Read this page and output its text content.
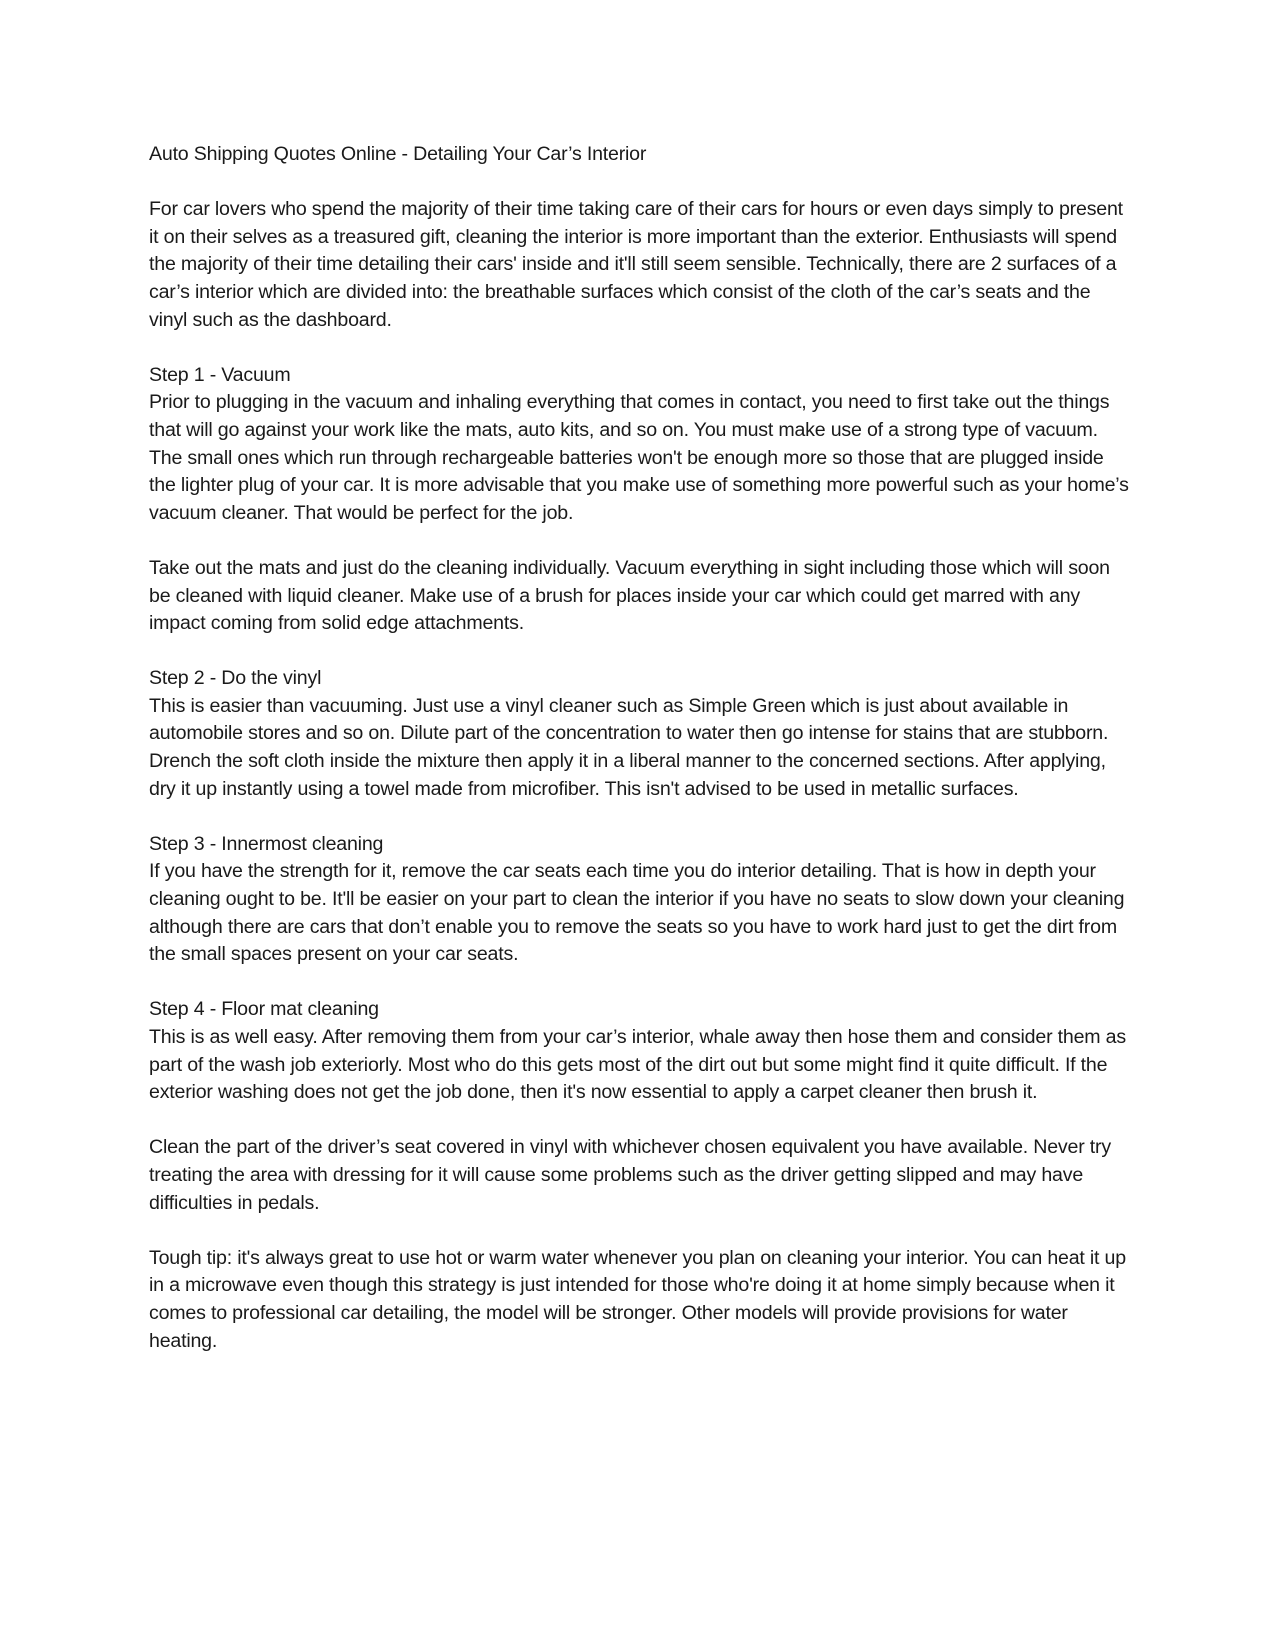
Auto Shipping Quotes Online - Detailing Your Car’s Interior

For car lovers who spend the majority of their time taking care of their cars for hours or even days simply to present it on their selves as a treasured gift, cleaning the interior is more important than the exterior. Enthusiasts will spend the majority of their time detailing their cars' inside and it'll still seem sensible. Technically, there are 2 surfaces of a car’s interior which are divided into: the breathable surfaces which consist of the cloth of the car’s seats and the vinyl such as the dashboard.

Step 1 - Vacuum
Prior to plugging in the vacuum and inhaling everything that comes in contact, you need to first take out the things that will go against your work like the mats, auto kits, and so on. You must make use of a strong type of vacuum. The small ones which run through rechargeable batteries won't be enough more so those that are plugged inside the lighter plug of your car. It is more advisable that you make use of something more powerful such as your home’s vacuum cleaner. That would be perfect for the job.

Take out the mats and just do the cleaning individually. Vacuum everything in sight including those which will soon be cleaned with liquid cleaner. Make use of a brush for places inside your car which could get marred with any impact coming from solid edge attachments.

Step 2 - Do the vinyl
This is easier than vacuuming. Just use a vinyl cleaner such as Simple Green which is just about available in automobile stores and so on. Dilute part of the concentration to water then go intense for stains that are stubborn. Drench the soft cloth inside the mixture then apply it in a liberal manner to the concerned sections. After applying, dry it up instantly using a towel made from microfiber. This isn't advised to be used in metallic surfaces.
Step 3 - Innermost cleaning
If you have the strength for it, remove the car seats each time you do interior detailing. That is how in depth your cleaning ought to be. It'll be easier on your part to clean the interior if you have no seats to slow down your cleaning although there are cars that don’t enable you to remove the seats so you have to work hard just to get the dirt from the small spaces present on your car seats.
Step 4 - Floor mat cleaning
This is as well easy. After removing them from your car’s interior, whale away then hose them and consider them as part of the wash job exteriorly. Most who do this gets most of the dirt out but some might find it quite difficult. If the exterior washing does not get the job done, then it's now essential to apply a carpet cleaner then brush it.

Clean the part of the driver’s seat covered in vinyl with whichever chosen equivalent you have available. Never try treating the area with dressing for it will cause some problems such as the driver getting slipped and may have difficulties in pedals.

Tough tip: it's always great to use hot or warm water whenever you plan on cleaning your interior. You can heat it up in a microwave even though this strategy is just intended for those who're doing it at home simply because when it comes to professional car detailing, the model will be stronger. Other models will provide provisions for water heating.
